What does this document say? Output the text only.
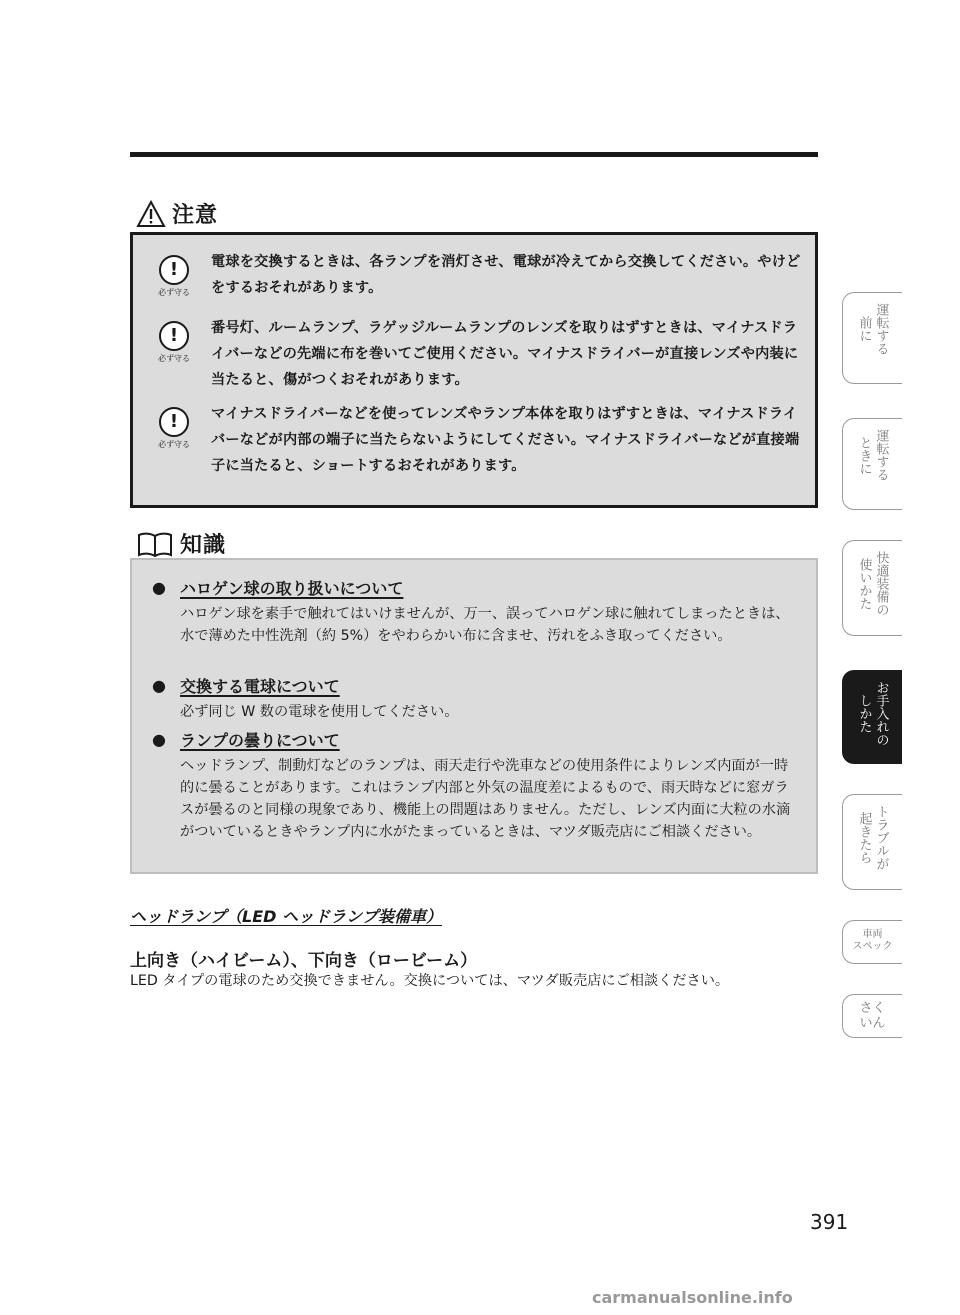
注意
!
必ず守る
電球を交換するときは、各ランプを消灯させ、電球が冷えてから交換してください。やけどをするおそれがあります。
!
必ず守る
番号灯、ルームランプ、ラゲッジルームランプのレンズを取りはずすときは、マイナスドライバーなどの先端に布を巻いてご使用ください。マイナスドライバーが直接レンズや内装に当たると、傷がつくおそれがあります。
!
必ず守る
マイナスドライバーなどを使ってレンズやランプ本体を取りはずすときは、マイナスドライバーなどが内部の端子に当たらないようにしてください。マイナスドライバーなどが直接端子に当たると、ショートするおそれがあります。
知識
● ハロゲン球の取り扱いについて
ハロゲン球を素手で触れてはいけませんが、万一、誤ってハロゲン球に触れてしまったときは、水で薄めた中性洗剤（約 5%）をやわらかい布に含ませ、汚れをふき取ってください。
● 交換する電球について
必ず同じ W 数の電球を使用してください。
● ランプの曇りについて
ヘッドランプ、制動灯などのランプは、雨天走行や洗車などの使用条件によりレンズ内面が一時的に曇ることがあります。これはランプ内部と外気の温度差によるもので、雨天時などに窓ガラスが曇るのと同様の現象であり、機能上の問題はありません。ただし、レンズ内面に大粒の水滴がついているときやランプ内に水がたまっているときは、マツダ販売店にご相談ください。
ヘッドランプ（LED ヘッドランプ装備車）
上向き（ハイビーム）、下向き（ロービーム）
LED タイプの電球のため交換できません。交換については、マツダ販売店にご相談ください。
運転する
前に
運転する
ときに
快適装備の
使いかた
お手入れの
しかた
トラブルが
起きたら
車両
スペック
さく
いん
391
carmanualsonline.info
